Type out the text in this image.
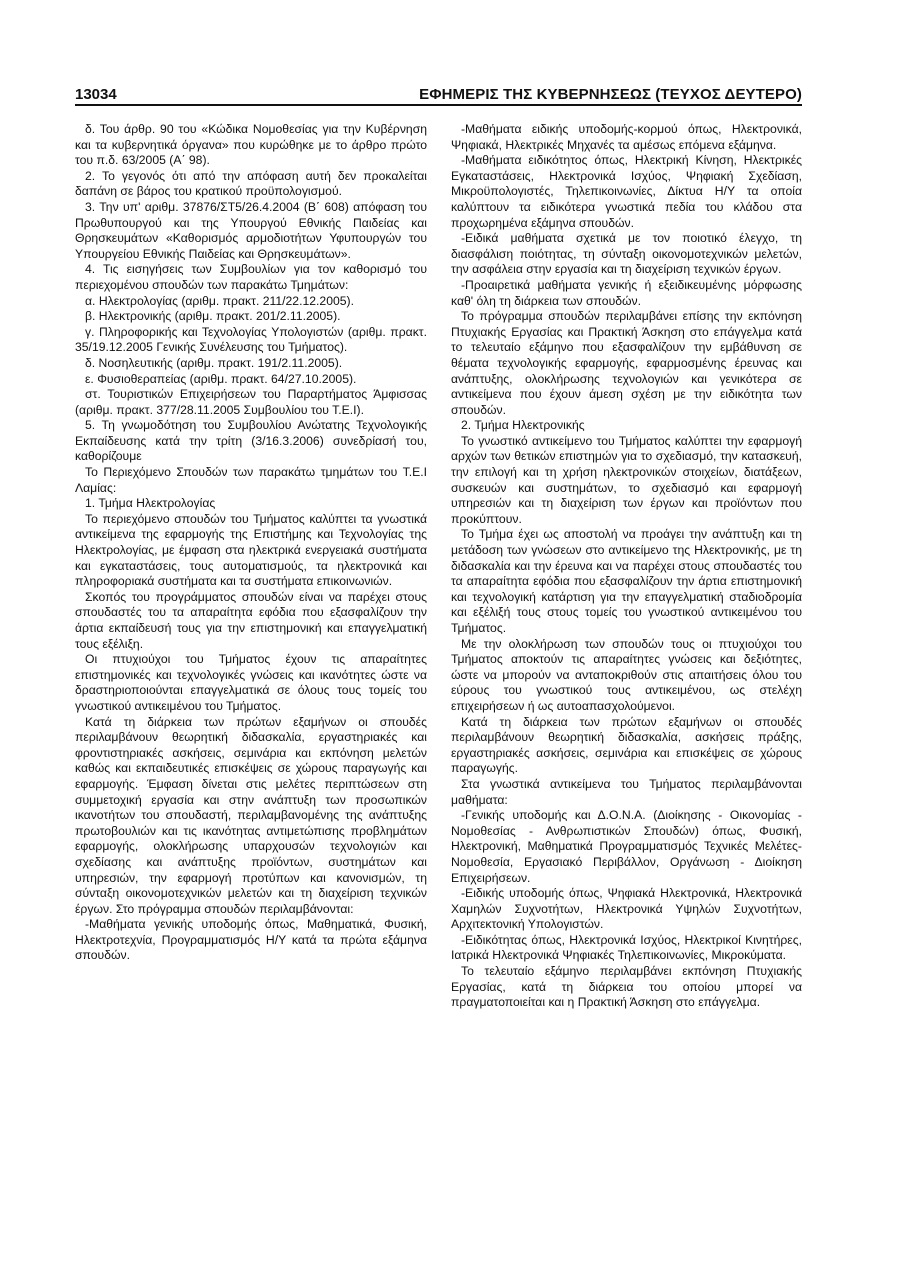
13034	ΕΦΗΜΕΡΙΣ ΤΗΣ ΚΥΒΕΡΝΗΣΕΩΣ (ΤΕΥΧΟΣ ΔΕΥΤΕΡΟ)

δ. Του άρθρ. 90 του «Κώδικα Νομοθεσίας για την Κυβέρνηση και τα κυβερνητικά όργανα» που κυρώθηκε με το άρθρο πρώτο του π.δ. 63/2005 (Α΄ 98).

2. Το γεγονός ότι από την απόφαση αυτή δεν προκαλείται δαπάνη σε βάρος του κρατικού προϋπολογισμού.

3. Την υπ' αριθμ. 37876/ΣΤ5/26.4.2004 (Β΄ 608) απόφαση του Πρωθυπουργού και της Υπουργού Εθνικής Παιδείας και Θρησκευμάτων «Καθορισμός αρμοδιοτήτων Υφυπουργών του Υπουργείου Εθνικής Παιδείας και Θρησκευμάτων».

4. Τις εισηγήσεις των Συμβουλίων για τον καθορισμό του περιεχομένου σπουδών των παρακάτω Τμημάτων:

α. Ηλεκτρολογίας (αριθμ. πρακτ. 211/22.12.2005).

β. Ηλεκτρονικής (αριθμ. πρακτ. 201/2.11.2005).

γ. Πληροφορικής και Τεχνολογίας Υπολογιστών (αριθμ. πρακτ. 35/19.12.2005 Γενικής Συνέλευσης του Τμήματος).

δ. Νοσηλευτικής (αριθμ. πρακτ. 191/2.11.2005).

ε. Φυσιοθεραπείας (αριθμ. πρακτ. 64/27.10.2005).

στ. Τουριστικών Επιχειρήσεων του Παραρτήματος Άμφισσας (αριθμ. πρακτ. 377/28.11.2005 Συμβουλίου του Τ.Ε.Ι).

5. Τη γνωμοδότηση του Συμβουλίου Ανώτατης Τεχνολογικής Εκπαίδευσης κατά την τρίτη (3/16.3.2006) συνεδρίασή του, καθορίζουμε

Το Περιεχόμενο Σπουδών των παρακάτω τμημάτων του Τ.Ε.Ι Λαμίας:

1. Τμήμα Ηλεκτρολογίας

Το περιεχόμενο σπουδών του Τμήματος καλύπτει τα γνωστικά αντικείμενα της εφαρμογής της Επιστήμης και Τεχνολογίας της Ηλεκτρολογίας, με έμφαση στα ηλεκτρικά ενεργειακά συστήματα και εγκαταστάσεις, τους αυτοματισμούς, τα ηλεκτρονικά και πληροφοριακά συστήματα και τα συστήματα επικοινωνιών.

Σκοπός του προγράμματος σπουδών είναι να παρέχει στους σπουδαστές του τα απαραίτητα εφόδια που εξασφαλίζουν την άρτια εκπαίδευσή τους για την επιστημονική και επαγγελματική τους εξέλιξη.

Οι πτυχιούχοι του Τμήματος έχουν τις απαραίτητες επιστημονικές και τεχνολογικές γνώσεις και ικανότητες ώστε να δραστηριοποιούνται επαγγελματικά σε όλους τους τομείς του γνωστικού αντικειμένου του Τμήματος.

Κατά τη διάρκεια των πρώτων εξαμήνων οι σπουδές περιλαμβάνουν θεωρητική διδασκαλία, εργαστηριακές και φροντιστηριακές ασκήσεις, σεμινάρια και εκπόνηση μελετών καθώς και εκπαιδευτικές επισκέψεις σε χώρους παραγωγής και εφαρμογής. Έμφαση δίνεται στις μελέτες περιπτώσεων στη συμμετοχική εργασία και στην ανάπτυξη των προσωπικών ικανοτήτων του σπουδαστή, περιλαμβανομένης της ανάπτυξης πρωτοβουλιών και τις ικανότητας αντιμετώπισης προβλημάτων εφαρμογής, ολοκλήρωσης υπαρχουσών τεχνολογιών και σχεδίασης και ανάπτυξης προϊόντων, συστημάτων και υπηρεσιών, την εφαρμογή προτύπων και κανονισμών, τη σύνταξη οικονομοτεχνικών μελετών και τη διαχείριση τεχνικών έργων. Στο πρόγραμμα σπουδών περιλαμβάνονται:

-Μαθήματα γενικής υποδομής όπως, Μαθηματικά, Φυσική, Ηλεκτροτεχνία, Προγραμματισμός Η/Υ κατά τα πρώτα εξάμηνα σπουδών.

-Μαθήματα ειδικής υποδομής-κορμού όπως, Ηλεκτρονικά, Ψηφιακά, Ηλεκτρικές Μηχανές τα αμέσως επόμενα εξάμηνα.

-Μαθήματα ειδικότητος όπως, Ηλεκτρική Κίνηση, Ηλεκτρικές Εγκαταστάσεις, Ηλεκτρονικά Ισχύος, Ψηφιακή Σχεδίαση, Μικροϋπολογιστές, Τηλεπικοινωνίες, Δίκτυα Η/Υ τα οποία καλύπτουν τα ειδικότερα γνωστικά πεδία του κλάδου στα προχωρημένα εξάμηνα σπουδών.

-Ειδικά μαθήματα σχετικά με τον ποιοτικό έλεγχο, τη διασφάλιση ποιότητας, τη σύνταξη οικονομοτεχνικών μελετών, την ασφάλεια στην εργασία και τη διαχείριση τεχνικών έργων.

-Προαιρετικά μαθήματα γενικής ή εξειδικευμένης μόρφωσης καθ' όλη τη διάρκεια των σπουδών.

Το πρόγραμμα σπουδών περιλαμβάνει επίσης την εκπόνηση Πτυχιακής Εργασίας και Πρακτική Άσκηση στο επάγγελμα κατά το τελευταίο εξάμηνο που εξασφαλίζουν την εμβάθυνση σε θέματα τεχνολογικής εφαρμογής, εφαρμοσμένης έρευνας και ανάπτυξης, ολοκλήρωσης τεχνολογιών και γενικότερα σε αντικείμενα που έχουν άμεση σχέση με την ειδικότητα των σπουδών.

2. Τμήμα Ηλεκτρονικής

Το γνωστικό αντικείμενο του Τμήματος καλύπτει την εφαρμογή αρχών των θετικών επιστημών για το σχεδιασμό, την κατασκευή, την επιλογή και τη χρήση ηλεκτρονικών στοιχείων, διατάξεων, συσκευών και συστημάτων, το σχεδιασμό και εφαρμογή υπηρεσιών και τη διαχείριση των έργων και προϊόντων που προκύπτουν.

Το Τμήμα έχει ως αποστολή να προάγει την ανάπτυξη και τη μετάδοση των γνώσεων στο αντικείμενο της Ηλεκτρονικής, με τη διδασκαλία και την έρευνα και να παρέχει στους σπουδαστές του τα απαραίτητα εφόδια που εξασφαλίζουν την άρτια επιστημονική και τεχνολογική κατάρτιση για την επαγγελματική σταδιοδρομία και εξέλιξή τους στους τομείς του γνωστικού αντικειμένου του Τμήματος.

Με την ολοκλήρωση των σπουδών τους οι πτυχιούχοι του Τμήματος αποκτούν τις απαραίτητες γνώσεις και δεξιότητες, ώστε να μπορούν να ανταποκριθούν στις απαιτήσεις όλου του εύρους του γνωστικού τους αντικειμένου, ως στελέχη επιχειρήσεων ή ως αυτοαπασχολούμενοι.

Κατά τη διάρκεια των πρώτων εξαμήνων οι σπουδές περιλαμβάνουν θεωρητική διδασκαλία, ασκήσεις πράξης, εργαστηριακές ασκήσεις, σεμινάρια και επισκέψεις σε χώρους παραγωγής.

Στα γνωστικά αντικείμενα του Τμήματος περιλαμβάνονται μαθήματα:

-Γενικής υποδομής και Δ.Ο.Ν.Α. (Διοίκησης - Οικονομίας - Νομοθεσίας - Ανθρωπιστικών Σπουδών) όπως, Φυσική, Ηλεκτρονική, Μαθηματικά Προγραμματισμός Τεχνικές Μελέτες- Νομοθεσία, Εργασιακό Περιβάλλον, Οργάνωση - Διοίκηση Επιχειρήσεων.

-Ειδικής υποδομής όπως, Ψηφιακά Ηλεκτρονικά, Ηλεκτρονικά Χαμηλών Συχνοτήτων, Ηλεκτρονικά Υψηλών Συχνοτήτων, Αρχιτεκτονική Υπολογιστών.

-Ειδικότητας όπως, Ηλεκτρονικά Ισχύος, Ηλεκτρικοί Κινητήρες, Ιατρικά Ηλεκτρονικά Ψηφιακές Τηλεπικοινωνίες, Μικροκύματα.

Το τελευταίο εξάμηνο περιλαμβάνει εκπόνηση Πτυχιακής Εργασίας, κατά τη διάρκεια του οποίου μπορεί να πραγματοποιείται και η Πρακτική Άσκηση στο επάγγελμα.
